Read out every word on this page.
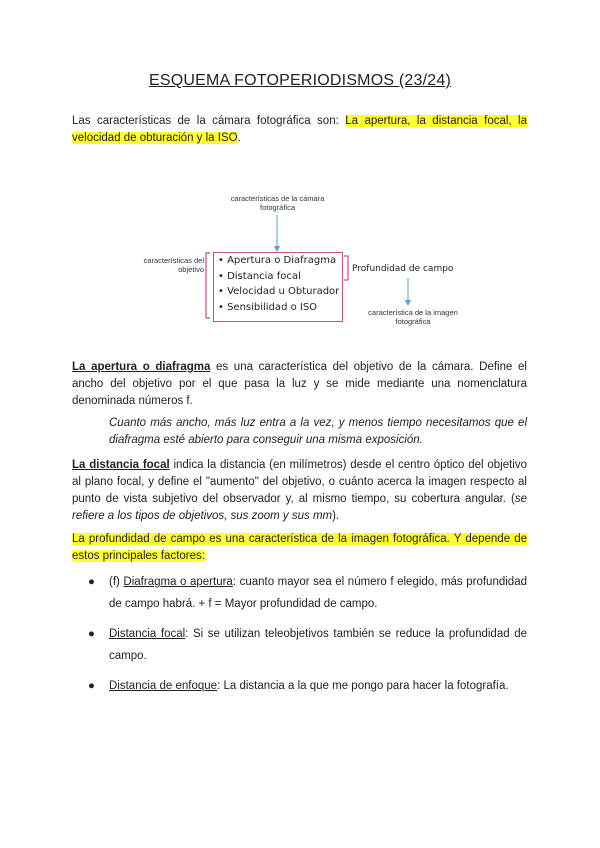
ESQUEMA FOTOPERIODISMOS (23/24)
Las características de la cámara fotográfica son: La apertura, la distancia focal, la velocidad de obturación y la ISO.
características de la cámara fotográfica
características del objetivo
• Apertura o Diafragma
• Distancia focal
• Velocidad u Obturador
• Sensibilidad o ISO
Profundidad de campo
característica de la imagen fotográfica
La apertura o diafragma es una característica del objetivo de la cámara. Define el ancho del objetivo por el que pasa la luz y se mide mediante una nomenclatura denominada números f.
Cuanto más ancho, más luz entra a la vez, y menos tiempo necesitamos que el diafragma esté abierto para conseguir una misma exposición.
La distancia focal indica la distancia (en milímetros) desde el centro óptico del objetivo al plano focal, y define el "aumento" del objetivo, o cuánto acerca la imagen respecto al punto de vista subjetivo del observador y, al mismo tiempo, su cobertura angular. (se refiere a los tipos de objetivos, sus zoom y sus mm).
La profundidad de campo es una característica de la imagen fotográfica. Y depende de estos principales factores:
●	(f) Diafragma o apertura: cuanto mayor sea el número f elegido, más profundidad de campo habrá. + f = Mayor profundidad de campo.
●	Distancia focal: Si se utilizan teleobjetivos también se reduce la profundidad de campo.
●	Distancia de enfoque: La distancia a la que me pongo para hacer la fotografía.
